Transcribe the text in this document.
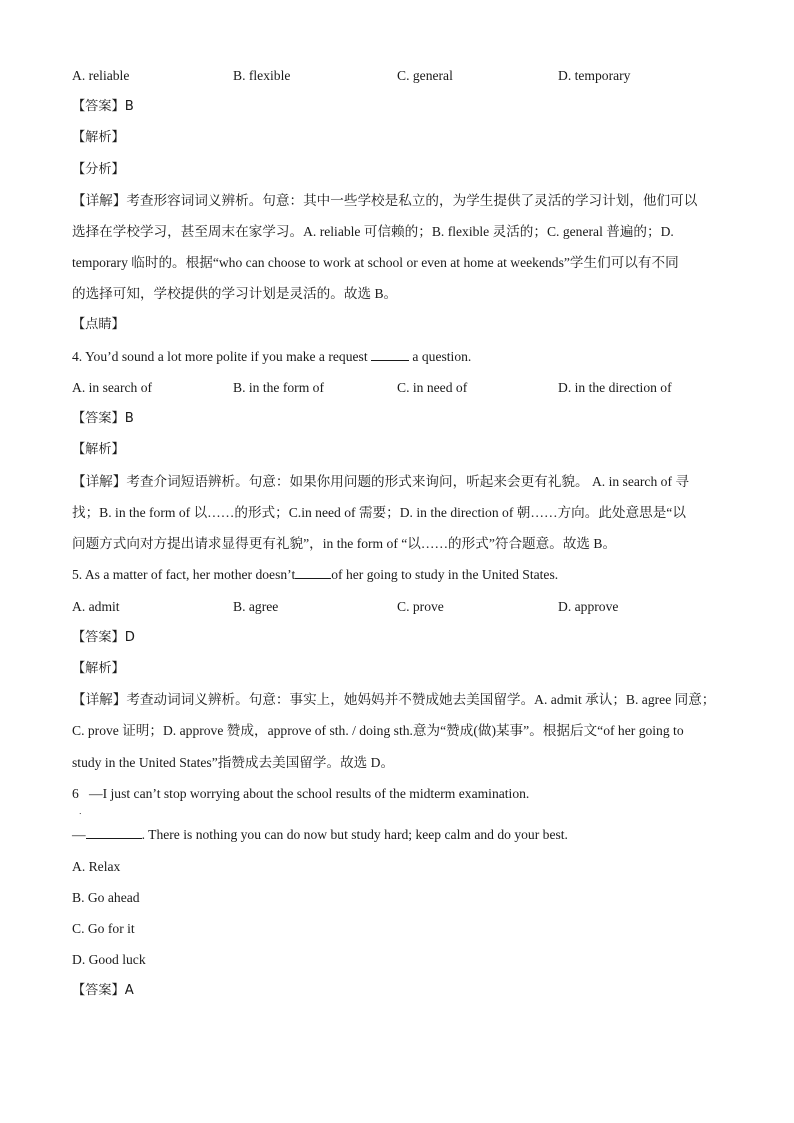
A. reliable	B. flexible	C. general	D. temporary
【答案】B
【解析】
【分析】
【详解】考查形容词词义辨析。句意：其中一些学校是私立的，为学生提供了灵活的学习计划，他们可以
选择在学校学习，甚至周末在家学习。A. reliable 可信赖的；B. flexible 灵活的；C. general 普遍的；D.
temporary 临时的。根据“who can choose to work at school or even at home at weekends”学生们可以有不同
的选择可知，学校提供的学习计划是灵活的。故选 B。
【点睛】
4. You’d sound a lot more polite if you make a request	a question.
A. in search of	B. in the form of	C. in need of	D. in the direction of
【答案】B
【解析】
【详解】考查介词短语辨析。句意：如果你用问题的形式来询问，听起来会更有礼貌。 A. in search of 寻
找；B. in the form of 以……的形式；C.in need of 需要；D. in the direction of 朝……方向。此处意思是“以
问题方式向对方提出请求显得更有礼貌”，in the form of “以……的形式”符合题意。故选 B。
5. As a matter of fact, her mother doesn’t	of her going to study in the United States.
A. admit	B. agree	C. prove	D. approve
【答案】D
【解析】
【详解】考查动词词义辨析。句意：事实上，她妈妈并不赞成她去美国留学。A. admit 承认；B. agree 同意；
C. prove 证明；D. approve 赞成，approve of sth. / doing sth.意为“赞成(做)某事”。根据后文“of her going to
study in the United States”指赞成去美国留学。故选 D。
6 —I just can’t stop worrying about the school results of the midterm examination.
．
—	. There is nothing you can do now but study hard; keep calm and do your best.
A. Relax
B. Go ahead
C. Go for it
D. Good luck
【答案】A
